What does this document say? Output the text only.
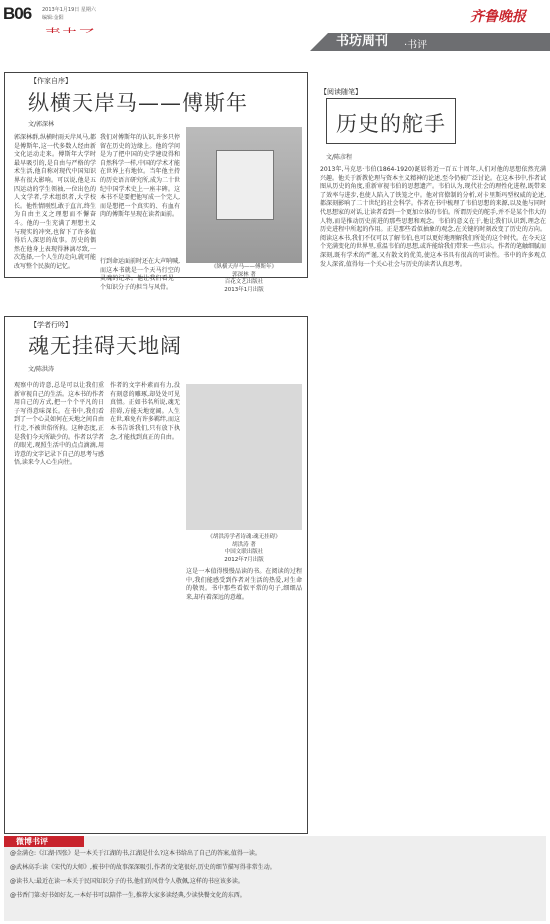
B06 2013年1月19日 星期六
编辑:金阳
书坊周刊 ·书评
齐鲁晚报
【作家自序】
纵横天岸马——傅斯年
文/郭深林
郭深林群,纵横时雨天岸风马,都是傅斯年,这一代多数人经由新文化运动走来。傅斯年大学时最早吸引的,是自由与严格的学术生活,他自称对现代中国知识界有很大影响。可以说,他是五四运动的学生领袖,一位出色的人文学者,学术组织者,大学校长。他性情刚烈,敢于直言,终生为自由主义之理想而不懈奋斗。他的一生充满了理想主义与现实的冲突,也留下了许多值得后人深思的故事。历史的偶然在他身上表现得淋漓尽致,一次选择,一个人生的走向,就可能改写整个民族的记忆。
我们对傅斯年的认识,许多只停留在历史的边缘上。他的学问是为了把中国的史学建设得和自然科学一样,中国的学术才能在世界上有地位。当年他主持的历史语言研究所,成为二十世纪中国学术史上一座丰碑。这本书不是要把他写成一个完人,而是想把一个真实的、有血有肉的傅斯年呈现在读者面前。
《纵横天岸马——傅斯年》
郭深林 著
百花文艺出版社
2013年1月出版
行到命运面前时还在大声呐喊,而这本书就是一个天马行空的灵魂的记录。他让我们看见一个知识分子的担当与风骨。
【学者行吟】
魂无挂碍天地阔
文/陈洪涛
观察中的诗意,总是可以让我们重新审视自己的生活。这本书的作者用自己的方式,把一个个平凡的日子写得意味深长。在书中,我们看到了一个心灵如何在天地之间自由行走,不被世俗所拘。这种态度,正是我们今天所缺少的。作者以学者的眼光,观照生活中的点点滴滴,用诗意的文字记录下自己的思考与感悟,读来令人心生向往。
作者的文字朴素而有力,没有刻意的雕琢,却处处可见真情。正如书名所说,魂无挂碍,方能天地宽阔。人生在世,难免有许多羁绊,而这本书告诉我们,只有放下执念,才能找到真正的自由。
《胡洪涛学者诗魂:魂无挂碍》
胡洪涛 著
中国文联出版社
2012年7月出版
这是一本值得慢慢品读的书。在阅读的过程中,我们能感受到作者对生活的热爱,对生命的敬畏。书中那些看似平常的句子,细细品来,却有着深远的意蕴。
【阅读随笔】
历史的舵手
文/陈彦程
2013年,马克思·韦伯(1864-1920)诞辰将近一百五十周年,人们对他的思想依然充满兴趣。他关于新教伦理与资本主义精神的论述,至今仍被广泛讨论。在这本书中,作者试图从历史的角度,重新审视韦伯的思想遗产。韦伯认为,现代社会的理性化进程,既带来了效率与进步,也使人陷入了铁笼之中。他对官僚制的分析,对卡里斯玛型权威的论述,都深刻影响了二十世纪的社会科学。作者在书中梳理了韦伯思想的来源,以及他与同时代思想家的对话,让读者看到一个更加立体的韦伯。所谓历史的舵手,并不是某个伟大的人物,而是推动历史前进的那些思想和观念。韦伯的意义在于,他让我们认识到,理念在历史进程中所起的作用。正是那些看似抽象的观念,在关键的时刻改变了历史的方向。阅读这本书,我们不仅可以了解韦伯,也可以更好地理解我们所处的这个时代。在今天这个充满变化的世界里,重温韦伯的思想,或许能给我们带来一些启示。作者的笔触细腻而深刻,既有学术的严谨,又有散文的优美,使这本书具有很高的可读性。书中的许多观点发人深省,值得每一个关心社会与历史的读者认真思考。
微博书评
@金满仓:《江湖·四张》是一本关于江湖的书,江湖是什么?这本书给出了自己的答案,值得一读。
@武林高手:读《宋代的大师》,被书中的故事深深吸引,作者的文笔很好,历史的细节描写得非常生动。
@读书人:最近在读一本关于民国知识分子的书,他们的风骨令人敬佩,这样的书应该多读。
@书香门第:好书如好友,一本好书可以陪伴一生,推荐大家多读经典,少读快餐文化的东西。
